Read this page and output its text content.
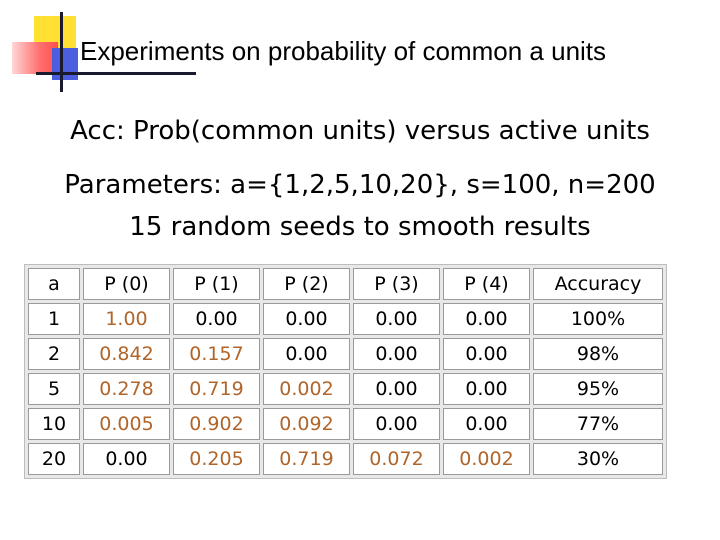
Experiments on probability of common a units
Acc: Prob(common units) versus active units
Parameters: a={1,2,5,10,20}, s=100, n=200
15 random seeds to smooth results
a	P (0)	P (1)	P (2)	P (3)	P (4)	Accuracy
1	1.00	0.00	0.00	0.00	0.00	100%
2	0.842	0.157	0.00	0.00	0.00	98%
5	0.278	0.719	0.002	0.00	0.00	95%
10	0.005	0.902	0.092	0.00	0.00	77%
20	0.00	0.205	0.719	0.072	0.002	30%
